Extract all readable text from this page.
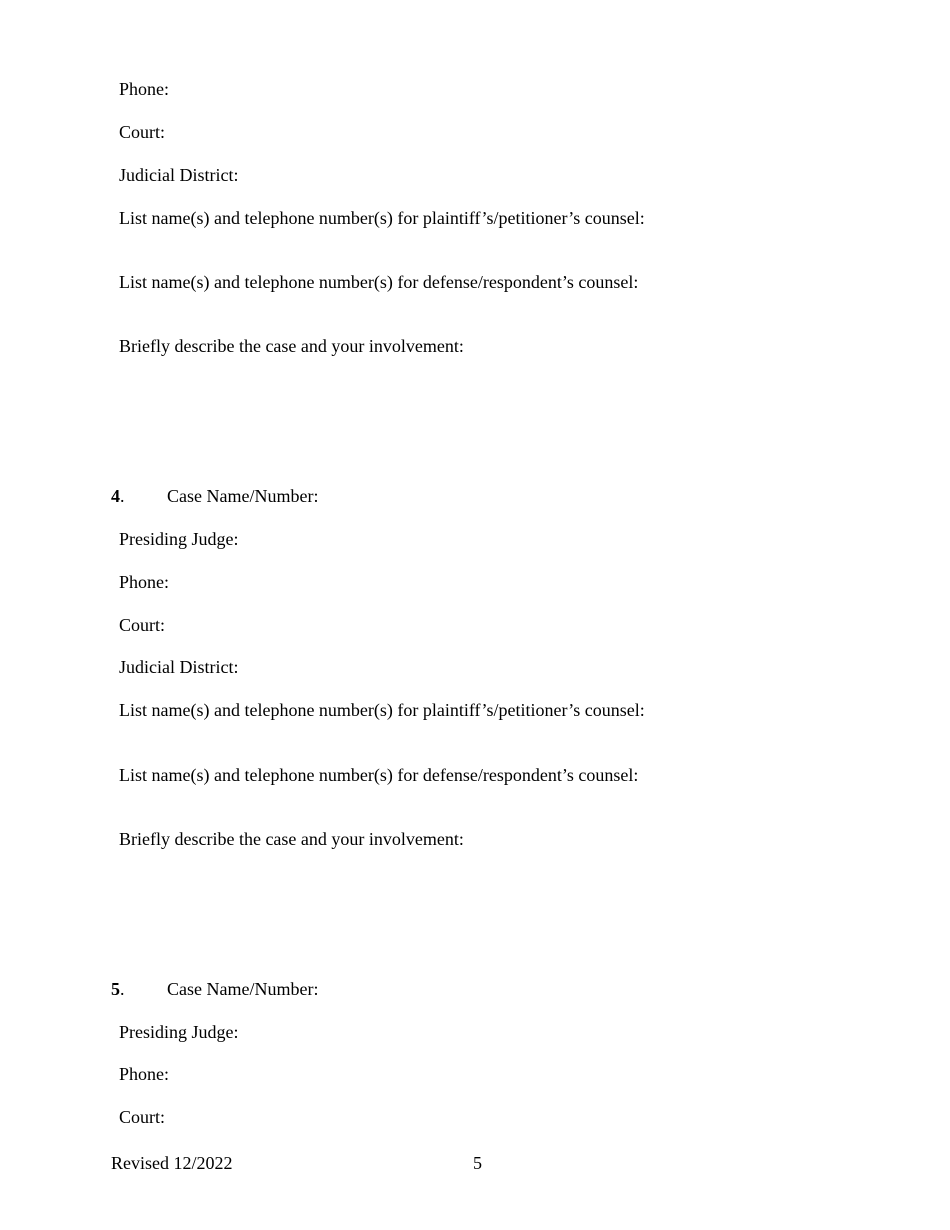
Phone:
Court:
Judicial District:
List name(s) and telephone number(s) for plaintiff’s/petitioner’s counsel:
List name(s) and telephone number(s) for defense/respondent’s counsel:
Briefly describe the case and your involvement:
4. Case Name/Number:
Presiding Judge:
Phone:
Court:
Judicial District:
List name(s) and telephone number(s) for plaintiff’s/petitioner’s counsel:
List name(s) and telephone number(s) for defense/respondent’s counsel:
Briefly describe the case and your involvement:
5. Case Name/Number:
Presiding Judge:
Phone:
Court:
Revised 12/2022	5
